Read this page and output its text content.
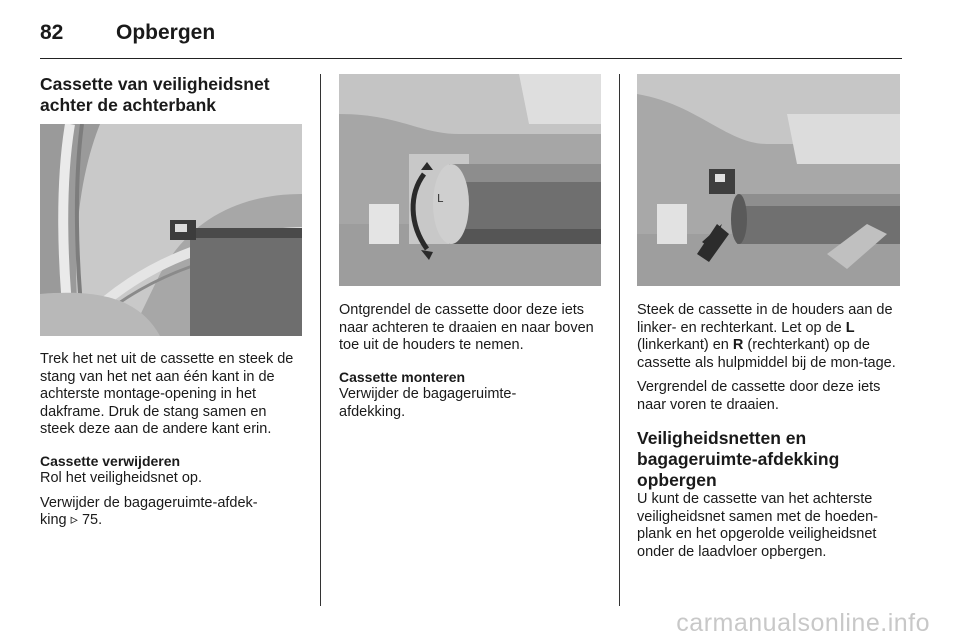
82	Opbergen
Cassette van veiligheidsnet achter de achterbank

Trek het net uit de cassette en steek de stang van het net aan één kant in de achterste montage-opening in het dakframe. Druk de stang samen en steek deze aan de andere kant erin.

Cassette verwijderen

Rol het veiligheidsnet op.

Verwijder de bagageruimte-afdek-
king ▹ 75.

L

Ontgrendel de cassette door deze iets naar achteren te draaien en naar boven toe uit de houders te nemen.

Cassette monteren

Verwijder de bagageruimte-afdekking.

Steek de cassette in de houders aan de linker- en rechterkant. Let op de L (linkerkant) en R (rechterkant) op de cassette als hulpmiddel bij de mon-tage.

Vergrendel de cassette door deze iets naar voren te draaien.

Veiligheidsnetten en bagageruimte-afdekking opbergen

U kunt de cassette van het achterste veiligheidsnet samen met de hoeden-plank en het opgerolde veiligheidsnet onder de laadvloer opbergen.

carmanualsonline.info
